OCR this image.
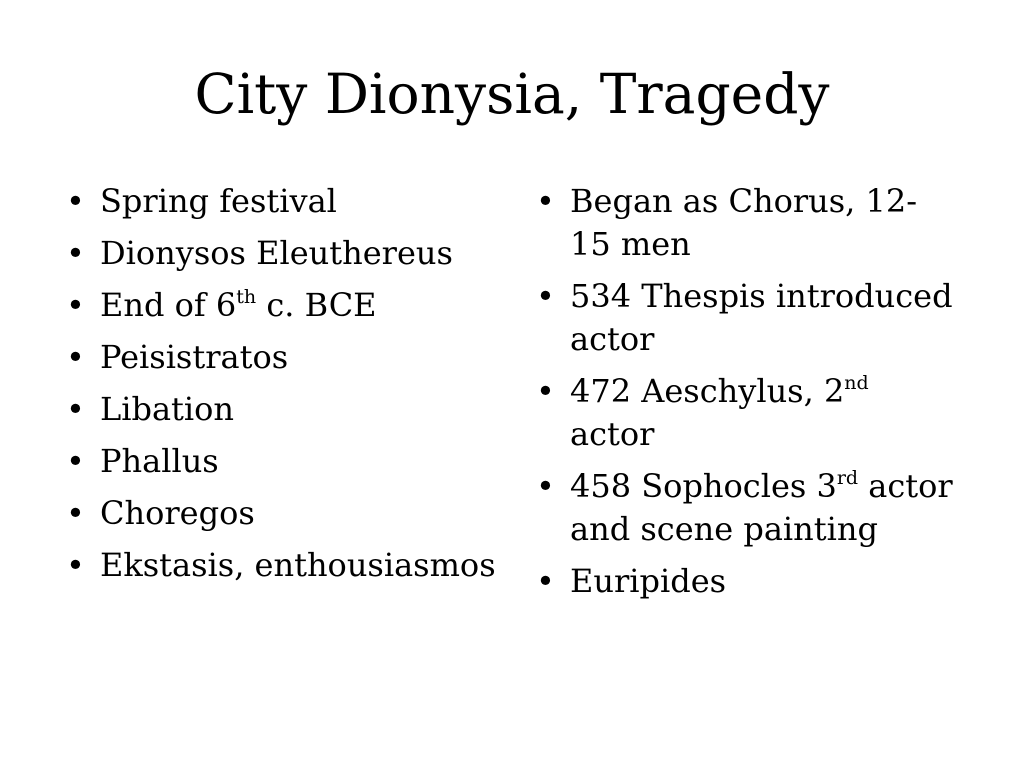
City Dionysia, Tragedy
• Spring festival
• Dionysos Eleuthereus
• End of 6th c. BCE
• Peisistratos
• Libation
• Phallus
• Choregos
• Ekstasis, enthousiasmos
• Began as Chorus, 12-15 men
• 534 Thespis introduced actor
• 472 Aeschylus, 2nd actor
• 458 Sophocles 3rd actor and scene painting
• Euripides
